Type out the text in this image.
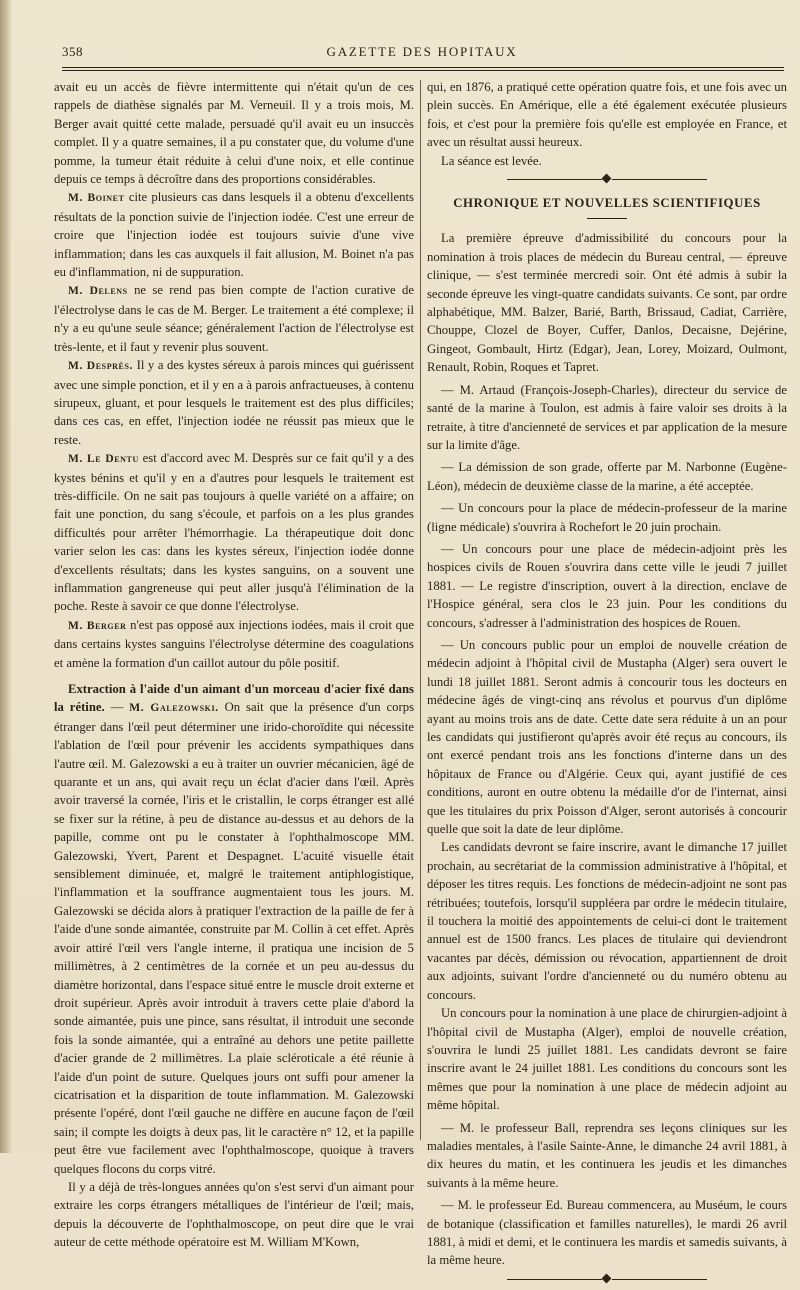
358	GAZETTE DES HOPITAUX

avait eu un accès de fièvre intermittente qui n'était qu'un de ces rappels de diathèse signalés par M. Verneuil. Il y a trois mois, M. Berger avait quitté cette malade, persuadé qu'il avait eu un insuccès complet. Il y a quatre semaines, il a pu constater que, du volume d'une pomme, la tumeur était réduite à celui d'une noix, et elle continue depuis ce temps à décroître dans des proportions considérables.

M. Boinet cite plusieurs cas dans lesquels il a obtenu d'excellents résultats de la ponction suivie de l'injection iodée. C'est une erreur de croire que l'injection iodée est toujours suivie d'une vive inflammation; dans les cas auxquels il fait allusion, M. Boinet n'a pas eu d'inflammation, ni de suppuration.

M. Delens ne se rend pas bien compte de l'action curative de l'électrolyse dans le cas de M. Berger. Le traitement a été complexe; il n'y a eu qu'une seule séance; généralement l'action de l'électrolyse est très-lente, et il faut y revenir plus souvent.

M. Desprès. Il y a des kystes séreux à parois minces qui guérissent avec une simple ponction, et il y en a à parois anfractueuses, à contenu sirupeux, gluant, et pour lesquels le traitement est des plus difficiles; dans ces cas, en effet, l'injection iodée ne réussit pas mieux que le reste.

M. Le Dentu est d'accord avec M. Desprès sur ce fait qu'il y a des kystes bénins et qu'il y en a d'autres pour lesquels le traitement est très-difficile. On ne sait pas toujours à quelle variété on a affaire; on fait une ponction, du sang s'écoule, et parfois on a les plus grandes difficultés pour arrêter l'hémorrhagie. La thérapeutique doit donc varier selon les cas: dans les kystes séreux, l'injection iodée donne d'excellents résultats; dans les kystes sanguins, on a souvent une inflammation gangreneuse qui peut aller jusqu'à l'élimination de la poche. Reste à savoir ce que donne l'électrolyse.

M. Berger n'est pas opposé aux injections iodées, mais il croit que dans certains kystes sanguins l'électrolyse détermine des coagulations et amène la formation d'un caillot autour du pôle positif.

Extraction à l'aide d'un aimant d'un morceau d'acier fixé dans la rétine. — M. Galezowski. On sait que la présence d'un corps étranger dans l'œil peut déterminer une irido-choroïdite qui nécessite l'ablation de l'œil pour prévenir les accidents sympathiques dans l'autre œil. M. Galezowski a eu à traiter un ouvrier mécanicien, âgé de quarante et un ans, qui avait reçu un éclat d'acier dans l'œil. Après avoir traversé la cornée, l'iris et le cristallin, le corps étranger est allé se fixer sur la rétine, à peu de distance au-dessus et au dehors de la papille, comme ont pu le constater à l'ophthalmoscope MM. Galezowski, Yvert, Parent et Despagnet. L'acuité visuelle était sensiblement diminuée, et, malgré le traitement antiphlogistique, l'inflammation et la souffrance augmentaient tous les jours. M. Galezowski se décida alors à pratiquer l'extraction de la paille de fer à l'aide d'une sonde aimantée, construite par M. Collin à cet effet. Après avoir attiré l'œil vers l'angle interne, il pratiqua une incision de 5 millimètres, à 2 centimètres de la cornée et un peu au-dessus du diamètre horizontal, dans l'espace situé entre le muscle droit externe et droit supérieur. Après avoir introduit à travers cette plaie d'abord la sonde aimantée, puis une pince, sans résultat, il introduit une seconde fois la sonde aimantée, qui a entraîné au dehors une petite paillette d'acier grande de 2 millimètres. La plaie scléroticale a été réunie à l'aide d'un point de suture. Quelques jours ont suffi pour amener la cicatrisation et la disparition de toute inflammation. M. Galezowski présente l'opéré, dont l'œil gauche ne diffère en aucune façon de l'œil sain; il compte les doigts à deux pas, lit le caractère n° 12, et la papille peut être vue facilement avec l'ophthalmoscope, quoique à travers quelques flocons du corps vitré.

Il y a déjà de très-longues années qu'on s'est servi d'un aimant pour extraire les corps étrangers métalliques de l'intérieur de l'œil; mais, depuis la découverte de l'ophthalmoscope, on peut dire que le vrai auteur de cette méthode opératoire est M. William M'Kown,

qui, en 1876, a pratiqué cette opération quatre fois, et une fois avec un plein succès. En Amérique, elle a été également exécutée plusieurs fois, et c'est pour la première fois qu'elle est employée en France, et avec un résultat aussi heureux.

La séance est levée.

CHRONIQUE ET NOUVELLES SCIENTIFIQUES

La première épreuve d'admissibilité du concours pour la nomination à trois places de médecin du Bureau central, — épreuve clinique, — s'est terminée mercredi soir. Ont été admis à subir la seconde épreuve les vingt-quatre candidats suivants. Ce sont, par ordre alphabétique, MM. Balzer, Barié, Barth, Brissaud, Cadiat, Carrière, Chouppe, Clozel de Boyer, Cuffer, Danlos, Decaisne, Dejérine, Gingeot, Gombault, Hirtz (Edgar), Jean, Lorey, Moizard, Oulmont, Renault, Robin, Roques et Tapret.

— M. Artaud (François-Joseph-Charles), directeur du service de santé de la marine à Toulon, est admis à faire valoir ses droits à la retraite, à titre d'ancienneté de services et par application de la mesure sur la limite d'âge.

— La démission de son grade, offerte par M. Narbonne (Eugène-Léon), médecin de deuxième classe de la marine, a été acceptée.

— Un concours pour la place de médecin-professeur de la marine (ligne médicale) s'ouvrira à Rochefort le 20 juin prochain.

— Un concours pour une place de médecin-adjoint près les hospices civils de Rouen s'ouvrira dans cette ville le jeudi 7 juillet 1881. — Le registre d'inscription, ouvert à la direction, enclave de l'Hospice général, sera clos le 23 juin. Pour les conditions du concours, s'adresser à l'administration des hospices de Rouen.

— Un concours public pour un emploi de nouvelle création de médecin adjoint à l'hôpital civil de Mustapha (Alger) sera ouvert le lundi 18 juillet 1881. Seront admis à concourir tous les docteurs en médecine âgés de vingt-cinq ans révolus et pourvus d'un diplôme ayant au moins trois ans de date. Cette date sera réduite à un an pour les candidats qui justifieront qu'après avoir été reçus au concours, ils ont exercé pendant trois ans les fonctions d'interne dans un des hôpitaux de France ou d'Algérie. Ceux qui, ayant justifié de ces conditions, auront en outre obtenu la médaille d'or de l'internat, ainsi que les titulaires du prix Poisson d'Alger, seront autorisés à concourir quelle que soit la date de leur diplôme.

Les candidats devront se faire inscrire, avant le dimanche 17 juillet prochain, au secrétariat de la commission administrative à l'hôpital, et déposer les titres requis. Les fonctions de médecin-adjoint ne sont pas rétribuées; toutefois, lorsqu'il suppléera par ordre le médecin titulaire, il touchera la moitié des appointements de celui-ci dont le traitement annuel est de 1500 francs. Les places de titulaire qui deviendront vacantes par décès, démission ou révocation, appartiennent de droit aux adjoints, suivant l'ordre d'ancienneté ou du numéro obtenu au concours.

Un concours pour la nomination à une place de chirurgien-adjoint à l'hôpital civil de Mustapha (Alger), emploi de nouvelle création, s'ouvrira le lundi 25 juillet 1881. Les candidats devront se faire inscrire avant le 24 juillet 1881. Les conditions du concours sont les mêmes que pour la nomination à une place de médecin adjoint au même hôpital.

— M. le professeur Ball, reprendra ses leçons cliniques sur les maladies mentales, à l'asile Sainte-Anne, le dimanche 24 avril 1881, à dix heures du matin, et les continuera les jeudis et les dimanches suivants à la même heure.

— M. le professeur Ed. Bureau commencera, au Muséum, le cours de botanique (classification et familles naturelles), le mardi 26 avril 1881, à midi et demi, et le continuera les mardis et samedis suivants, à la même heure.
